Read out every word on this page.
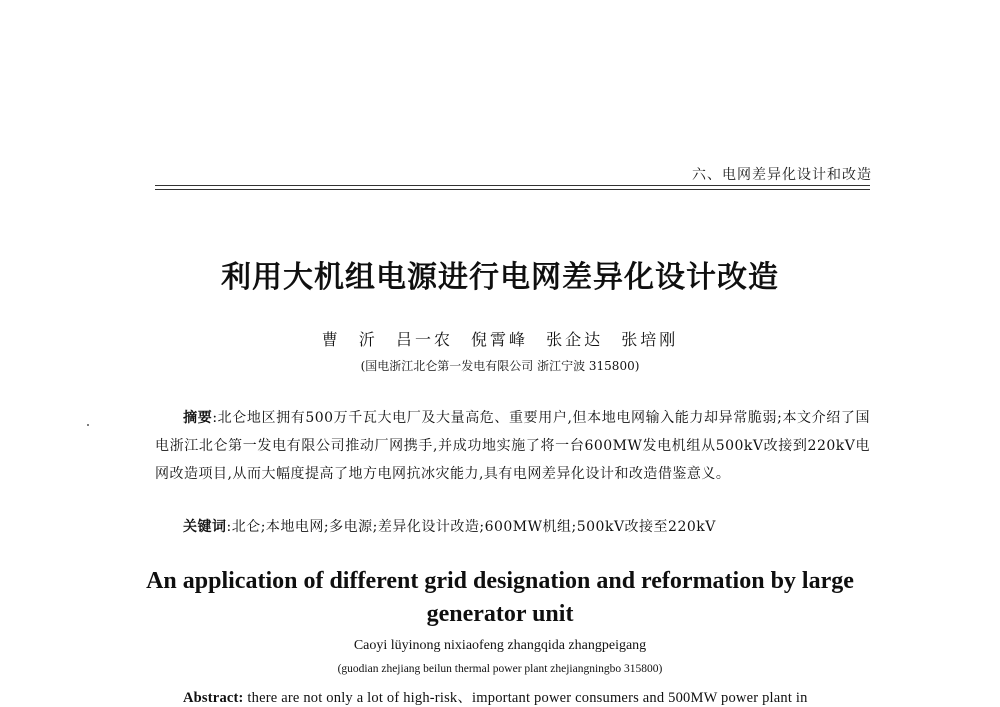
六、电网差异化设计和改造
利用大机组电源进行电网差异化设计改造
曹 沂 吕一农 倪霄峰 张企达 张培刚
(国电浙江北仑第一发电有限公司 浙江宁波 315800)
摘要:北仑地区拥有500万千瓦大电厂及大量高危、重要用户,但本地电网输入能力却异常脆弱;本文介绍了国电浙江北仑第一发电有限公司推动厂网携手,并成功地实施了将一台600MW发电机组从500kV改接到220kV电网改造项目,从而大幅度提高了地方电网抗冰灾能力,具有电网差异化设计和改造借鉴意义。
关键词:北仑;本地电网;多电源;差异化设计改造;600MW机组;500kV改接至220kV
An application of different grid designation and reformation by large generator unit
Caoyi lüyinong nixiaofeng zhangqida zhangpeigang
(guodian zhejiang beilun thermal power plant zhejiangningbo 315800)
Abstract: there are not only a lot of high-risk、important power consumers and 500MW power plant in
